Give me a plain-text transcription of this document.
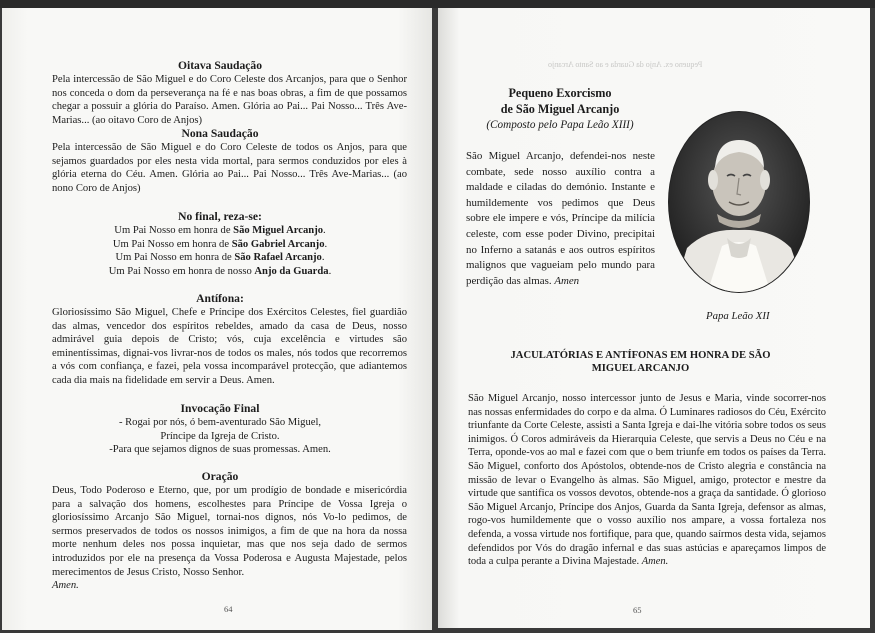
Oitava Saudação

Pela intercessão de São Miguel e do Coro Celeste dos Arcanjos, para que o Senhor nos conceda o dom da perseverança na fé e nas boas obras, a fim de que possamos chegar a possuir a glória do Paraíso. Amen. Glória ao Pai... Pai Nosso... Três Ave-Marias... (ao oitavo Coro de Anjos)

Nona Saudação

Pela intercessão de São Miguel e do Coro Celeste de todos os Anjos, para que sejamos guardados por eles nesta vida mortal, para sermos conduzidos por eles à glória eterna do Céu. Amen. Glória ao Pai... Pai Nosso... Três Ave-Marias... (ao nono Coro de Anjos)

No final, reza-se:
Um Pai Nosso em honra de São Miguel Arcanjo.
Um Pai Nosso em honra de São Gabriel Arcanjo.
Um Pai Nosso em honra de São Rafael Arcanjo.
Um Pai Nosso em honra de nosso Anjo da Guarda.
Antífona:

Gloriosíssimo São Miguel, Chefe e Príncipe dos Exércitos Celestes, fiel guardião das almas, vencedor dos espíritos rebeldes, amado da casa de Deus, nosso admirável guia depois de Cristo; vós, cuja excelência e virtudes são eminentíssimas, dignai-vos livrar-nos de todos os males, nós todos que recorremos a vós com confiança, e fazei, pela vossa incomparável protecção, que adiantemos cada dia mais na fidelidade em servir a Deus. Amen.

Invocação Final
- Rogai por nós, ó bem-aventurado São Miguel,
Príncipe da Igreja de Cristo.
-Para que sejamos dignos de suas promessas. Amen.
Oração

Deus, Todo Poderoso e Eterno, que, por um prodígio de bondade e misericórdia para a salvação dos homens, escolhestes para Príncipe de Vossa Igreja o gloriosíssimo Arcanjo São Miguel, tornai-nos dignos, nós Vo-lo pedimos, de sermos preservados de todos os nossos inimigos, a fim de que na hora da nossa morte nenhum deles nos possa inquietar, mas que nos seja dado de sermos introduzidos por ele na presença da Vossa Poderosa e Augusta Majestade, pelos merecimentos de Jesus Cristo, Nosso Senhor.
Amen.

64
Pequeno ex. Anjo da Guarda e ao Santo Arcanjo
Pequeno Exorcismo
de São Miguel Arcanjo
(Composto pelo Papa Leão XIII)

São Miguel Arcanjo, defendei-nos neste combate, sede nosso auxílio contra a maldade e ciladas do demónio. Instante e humildemente vos pedimos que Deus sobre ele impere e vós, Príncipe da milícia celeste, com esse poder Divino, precipitai no Inferno a satanás e aos outros espíritos malignos que vagueiam pelo mundo para perdição das almas. Amen

Papa Leão XII
JACULATÓRIAS E ANTÍFONAS EM HONRA DE SÃO MIGUEL ARCANJO

São Miguel Arcanjo, nosso intercessor junto de Jesus e Maria, vinde socorrer-nos nas nossas enfermidades do corpo e da alma. Ó Luminares radiosos do Céu, Exército triunfante da Corte Celeste, assisti a Santa Igreja e dai-lhe vitória sobre todos os seus inimigos. Ó Coros admiráveis da Hierarquia Celeste, que servis a Deus no Céu e na Terra, oponde-vos ao mal e fazei com que o bem triunfe em todos os países da Terra. São Miguel, conforto dos Apóstolos, obtende-nos de Cristo alegria e constância na missão de levar o Evangelho às almas. São Miguel, amigo, protector e mestre da virtude que santifica os vossos devotos, obtende-nos a graça da santidade. Ó glorioso São Miguel Arcanjo, Príncipe dos Anjos, Guarda da Santa Igreja, defensor as almas, rogo-vos humildemente que o vosso auxílio nos ampare, a vossa fortaleza nos defenda, a vossa virtude nos fortifique, para que, quando saírmos desta vida, sejamos defendidos por Vós do dragão infernal e das suas astúcias e apareçamos limpos de toda a culpa perante a Divina Majestade. Amen.

65
